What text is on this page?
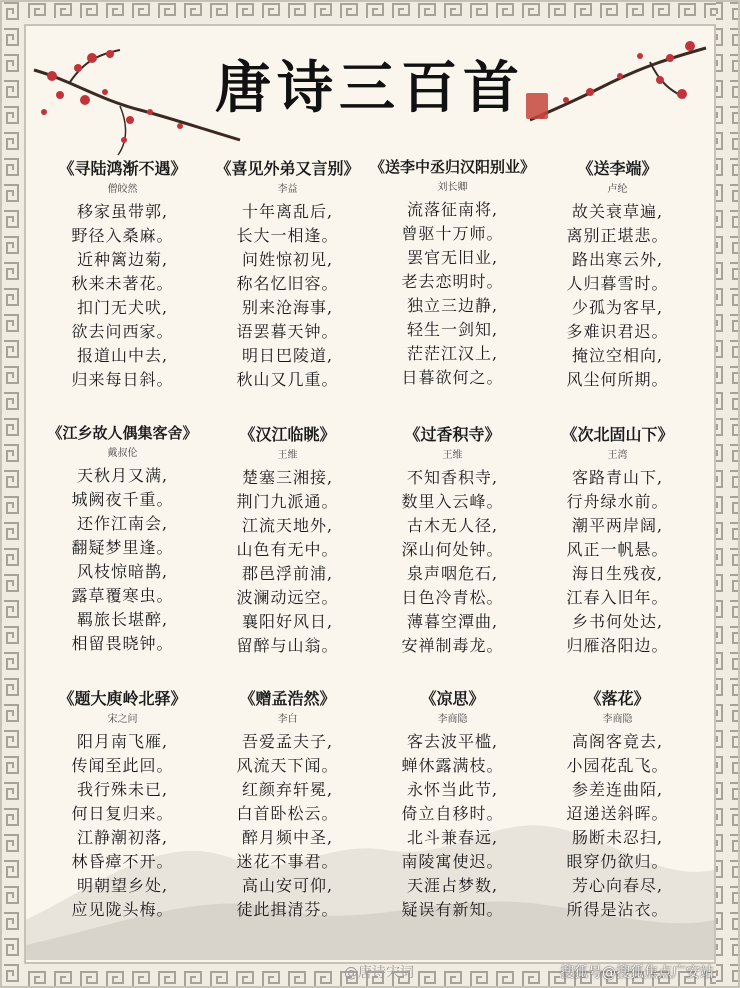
唐诗三百首
《寻陆鸿渐不遇》
僧皎然
移家虽带郭,
野径入桑麻。
近种篱边菊,
秋来未著花。
扣门无犬吠,
欲去问西家。
报道山中去,
归来每日斜。
《喜见外弟又言别》
李益
十年离乱后,
长大一相逢。
问姓惊初见,
称名忆旧容。
别来沧海事,
语罢暮天钟。
明日巴陵道,
秋山又几重。
《送李中丞归汉阳别业》
刘长卿
流落征南将,
曾驱十万师。
罢官无旧业,
老去恋明时。
独立三边静,
轻生一剑知,
茫茫江汉上,
日暮欲何之。
《送李端》
卢纶
故关衰草遍,
离别正堪悲。
路出寒云外,
人归暮雪时。
少孤为客早,
多难识君迟。
掩泣空相向,
风尘何所期。
《江乡故人偶集客舍》
戴叔伦
天秋月又满,
城阙夜千重。
还作江南会,
翻疑梦里逢。
风枝惊暗鹊,
露草覆寒虫。
羁旅长堪醉,
相留畏晓钟。
《汉江临眺》
王维
楚塞三湘接,
荆门九派通。
江流天地外,
山色有无中。
郡邑浮前浦,
波澜动远空。
襄阳好风日,
留醉与山翁。
《过香积寺》
王维
不知香积寺,
数里入云峰。
古木无人径,
深山何处钟。
泉声咽危石,
日色冷青松。
薄暮空潭曲,
安禅制毒龙。
《次北固山下》
王湾
客路青山下,
行舟绿水前。
潮平两岸阔,
风正一帆悬。
海日生残夜,
江春入旧年。
乡书何处达,
归雁洛阳边。
《题大庾岭北驿》
宋之问
阳月南飞雁,
传闻至此回。
我行殊未已,
何日复归来。
江静潮初落,
林昏瘴不开。
明朝望乡处,
应见陇头梅。
《赠孟浩然》
李白
吾爱孟夫子,
风流天下闻。
红颜弃轩冕,
白首卧松云。
醉月频中圣,
迷花不事君。
高山安可仰,
徒此揖清芬。
《凉思》
李商隐
客去波平槛,
蝉休露满枝。
永怀当此节,
倚立自移时。
北斗兼春远,
南陵寓使迟。
天涯占梦数,
疑误有新知。
《落花》
李商隐
高阁客竟去,
小园花乱飞。
参差连曲陌,
迢递送斜晖。
肠断未忍扫,
眼穿仍欲归。
芳心向春尽,
所得是沾衣。
@唐诗宋词	搜狐号@搜狐焦点广安站
